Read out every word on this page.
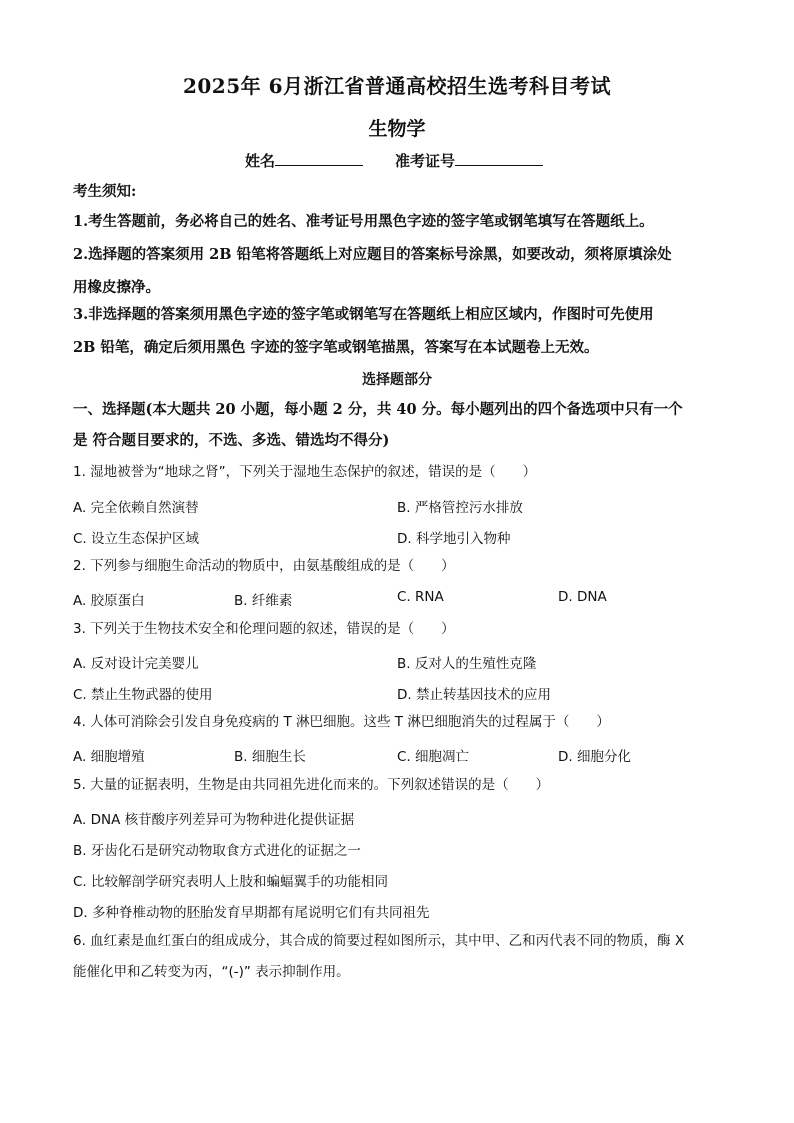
2025年 6月浙江省普通高校招生选考科目考试
生物学
姓名	准考证号
考生须知:
1.考生答题前，务必将自己的姓名、准考证号用黑色字迹的签字笔或钢笔填写在答题纸上。
2.选择题的答案须用 2B 铅笔将答题纸上对应题目的答案标号涂黑，如要改动，须将原填涂处
用橡皮擦净。
3.非选择题的答案须用黑色字迹的签字笔或钢笔写在答题纸上相应区域内，作图时可先使用
2B 铅笔，确定后须用黑色 字迹的签字笔或钢笔描黑，答案写在本试题卷上无效。
选择题部分
一、选择题(本大题共 20 小题，每小题 2 分，共 40 分。每小题列出的四个备选项中只有一个
是 符合题目要求的，不选、多选、错选均不得分)
1. 湿地被誉为“地球之肾”，下列关于湿地生态保护的叙述，错误的是（　　）
A. 完全依赖自然演替	B. 严格管控污水排放
C. 设立生态保护区域	D. 科学地引入物种
2. 下列参与细胞生命活动的物质中，由氨基酸组成的是（　　）
A. 胶原蛋白	B. 纤维素	C. RNA	D. DNA
3. 下列关于生物技术安全和伦理问题的叙述，错误的是（　　）
A. 反对设计完美婴儿	B. 反对人的生殖性克隆
C. 禁止生物武器的使用	D. 禁止转基因技术的应用
4. 人体可消除会引发自身免疫病的 T 淋巴细胞。这些 T 淋巴细胞消失的过程属于（　　）
A. 细胞增殖	B. 细胞生长	C. 细胞凋亡	D. 细胞分化
5. 大量的证据表明，生物是由共同祖先进化而来的。下列叙述错误的是（　　）
A. DNA 核苷酸序列差异可为物种进化提供证据
B. 牙齿化石是研究动物取食方式进化的证据之一
C. 比较解剖学研究表明人上肢和蝙蝠翼手的功能相同
D. 多种脊椎动物的胚胎发育早期都有尾说明它们有共同祖先
6. 血红素是血红蛋白的组成成分，其合成的简要过程如图所示，其中甲、乙和丙代表不同的物质，酶 X
能催化甲和乙转变为丙，“(-)” 表示抑制作用。
